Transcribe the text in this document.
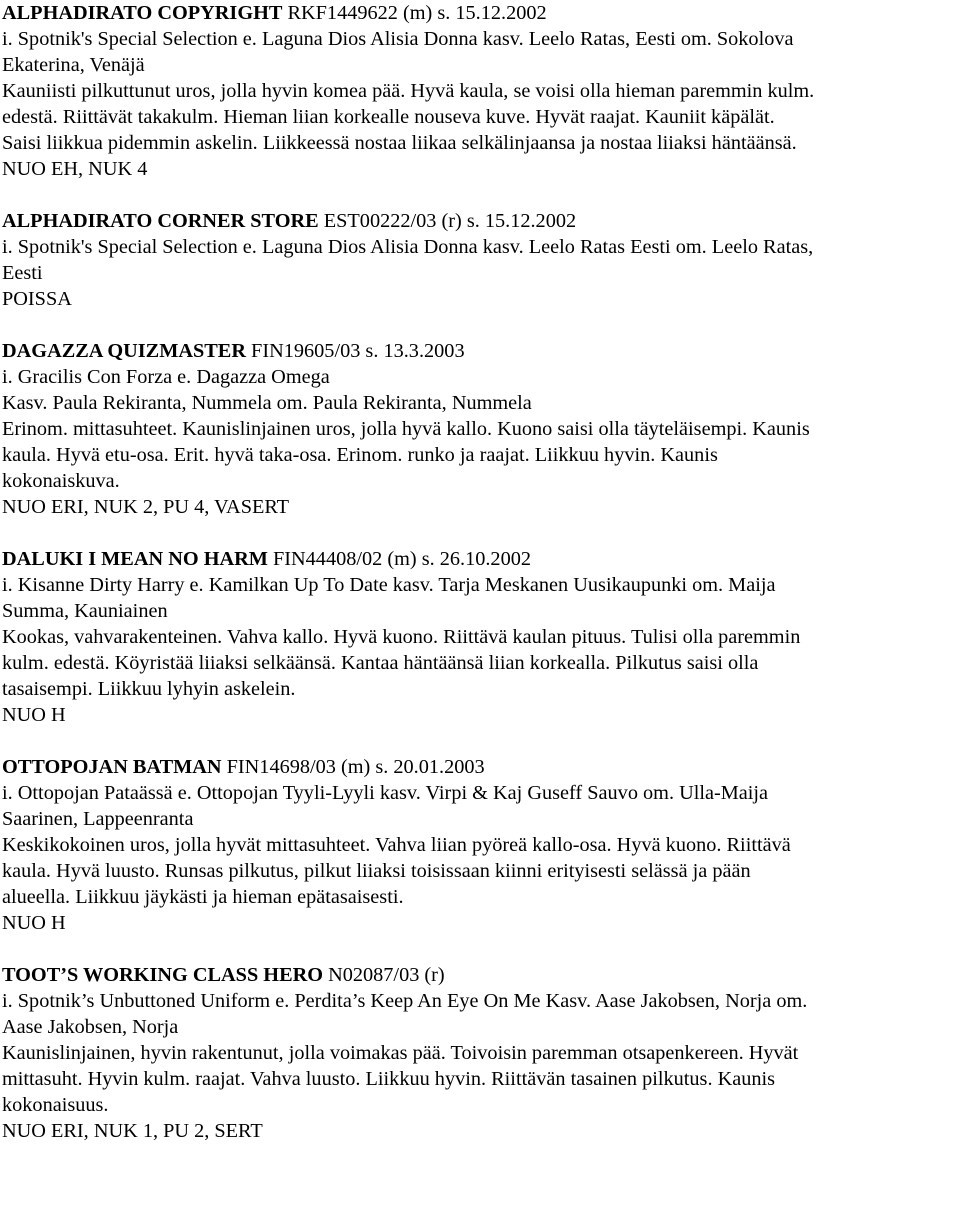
ALPHADIRATO COPYRIGHT RKF1449622 (m) s. 15.12.2002
i. Spotnik's Special Selection e. Laguna Dios Alisia Donna kasv. Leelo Ratas, Eesti om. Sokolova
Ekaterina, Venäjä
Kauniisti pilkuttunut uros, jolla hyvin komea pää. Hyvä kaula, se voisi olla hieman paremmin kulm.
edestä. Riittävät takakulm. Hieman liian korkealle nouseva kuve. Hyvät raajat. Kauniit käpälät.
Saisi liikkua pidemmin askelin. Liikkeessä nostaa liikaa selkälinjaansa ja nostaa liiaksi häntäänsä.
NUO EH, NUK 4
ALPHADIRATO CORNER STORE EST00222/03 (r) s. 15.12.2002
i. Spotnik's Special Selection e. Laguna Dios Alisia Donna kasv. Leelo Ratas Eesti om. Leelo Ratas,
Eesti
POISSA
DAGAZZA QUIZMASTER FIN19605/03 s. 13.3.2003
i. Gracilis Con Forza e. Dagazza Omega
Kasv. Paula Rekiranta, Nummela om. Paula Rekiranta, Nummela
Erinom. mittasuhteet. Kaunislinjainen uros, jolla hyvä kallo. Kuono saisi olla täyteläisempi. Kaunis
kaula. Hyvä etu-osa. Erit. hyvä taka-osa. Erinom. runko ja raajat. Liikkuu hyvin. Kaunis
kokonaiskuva.
NUO ERI, NUK 2, PU 4, VASERT
DALUKI I MEAN NO HARM FIN44408/02 (m) s. 26.10.2002
i. Kisanne Dirty Harry e. Kamilkan Up To Date kasv. Tarja Meskanen Uusikaupunki om. Maija
Summa, Kauniainen
Kookas, vahvarakenteinen. Vahva kallo. Hyvä kuono. Riittävä kaulan pituus. Tulisi olla paremmin
kulm. edestä. Köyristää liiaksi selkäänsä. Kantaa häntäänsä liian korkealla. Pilkutus saisi olla
tasaisempi. Liikkuu lyhyin askelein.
NUO H
OTTOPOJAN BATMAN FIN14698/03 (m) s. 20.01.2003
i. Ottopojan Pataässä e. Ottopojan Tyyli-Lyyli kasv. Virpi & Kaj Guseff Sauvo om. Ulla-Maija
Saarinen, Lappeenranta
Keskikokoinen uros, jolla hyvät mittasuhteet. Vahva liian pyöreä kallo-osa. Hyvä kuono. Riittävä
kaula. Hyvä luusto. Runsas pilkutus, pilkut liiaksi toisissaan kiinni erityisesti selässä ja pään
alueella. Liikkuu jäykästi ja hieman epätasaisesti.
NUO H
TOOT’S WORKING CLASS HERO N02087/03 (r)
i. Spotnik’s Unbuttoned Uniform e. Perdita’s Keep An Eye On Me Kasv. Aase Jakobsen, Norja om.
Aase Jakobsen, Norja
Kaunislinjainen, hyvin rakentunut, jolla voimakas pää. Toivoisin paremman otsapenkereen. Hyvät
mittasuht. Hyvin kulm. raajat. Vahva luusto. Liikkuu hyvin. Riittävän tasainen pilkutus. Kaunis
kokonaisuus.
NUO ERI, NUK 1, PU 2, SERT
